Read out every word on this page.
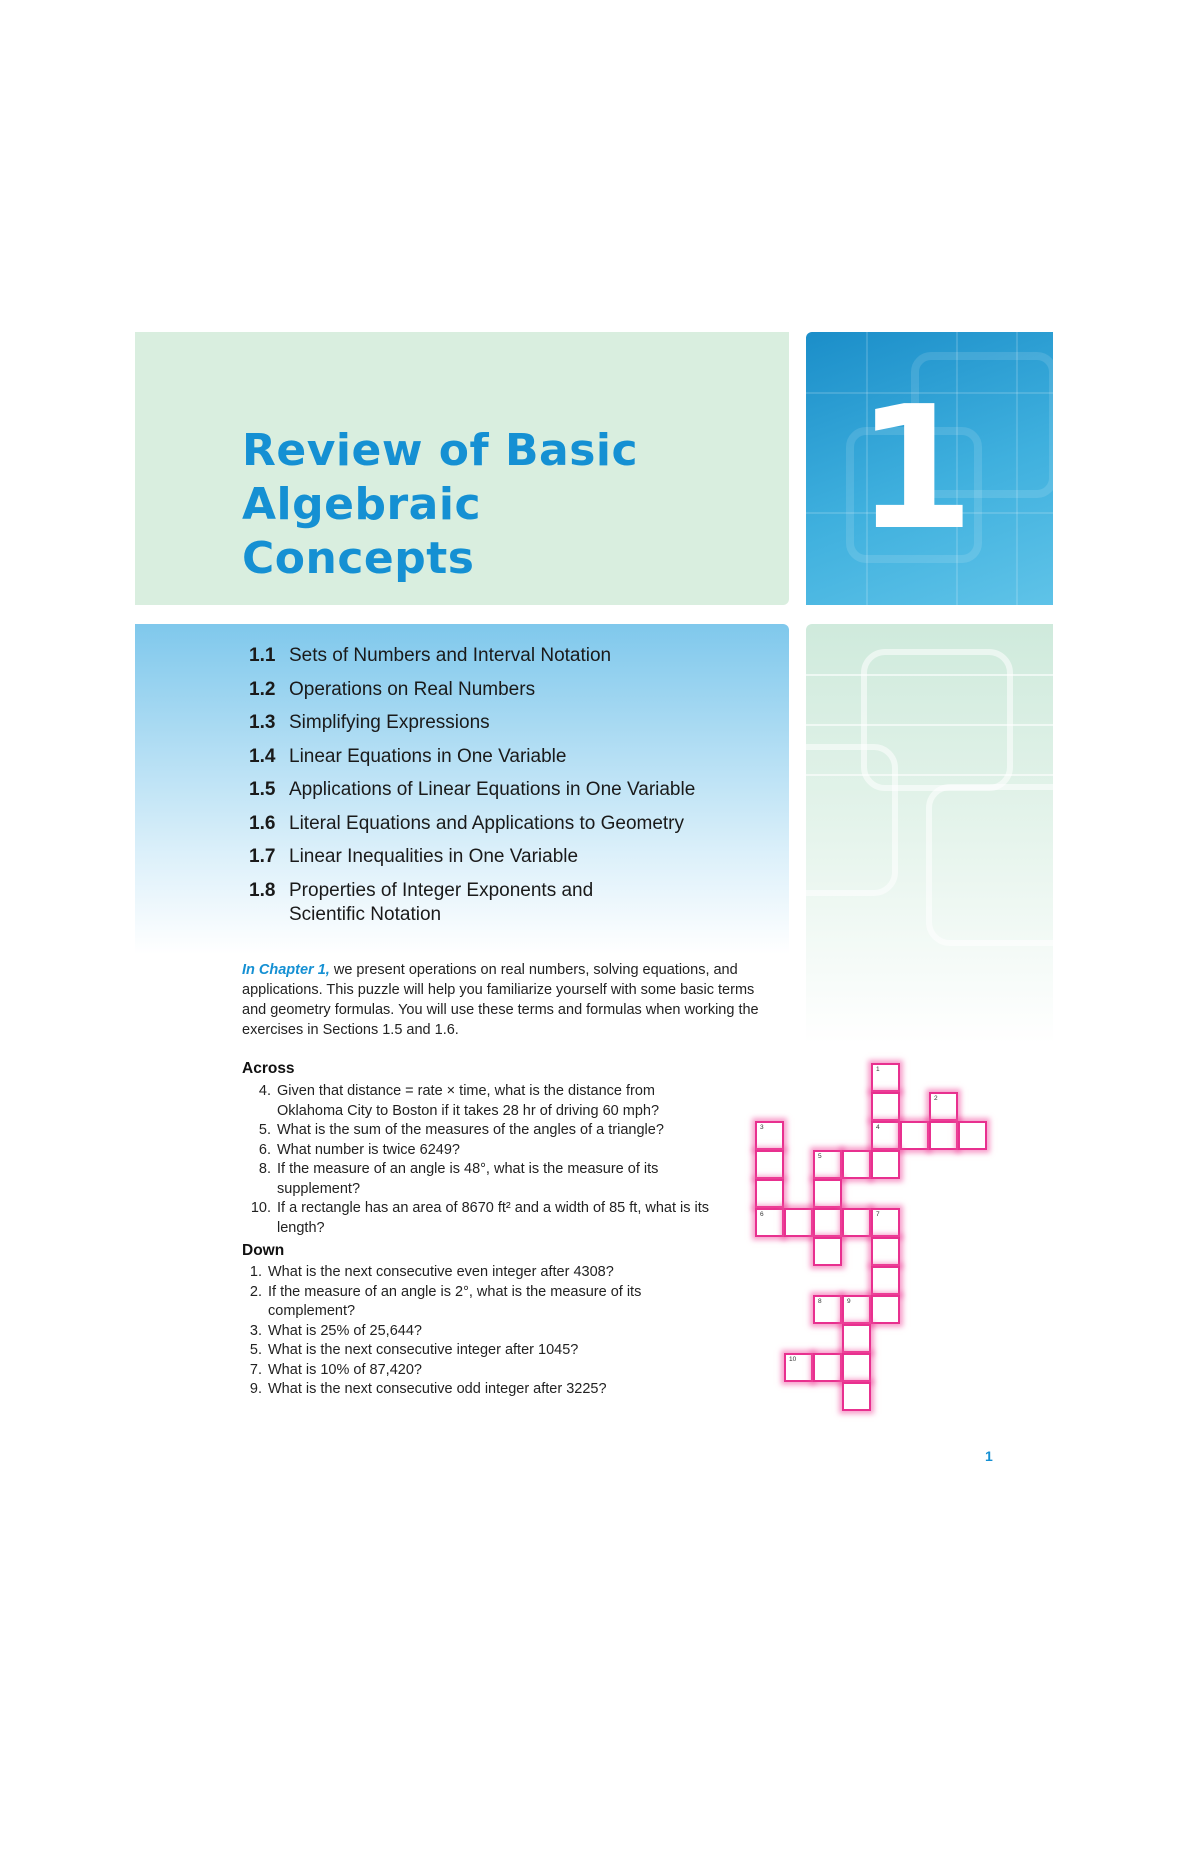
Review of Basic
Algebraic
Concepts	1
1.1 Sets of Numbers and Interval Notation
1.2 Operations on Real Numbers
1.3 Simplifying Expressions
1.4 Linear Equations in One Variable
1.5 Applications of Linear Equations in One Variable
1.6 Literal Equations and Applications to Geometry
1.7 Linear Inequalities in One Variable
1.8 Properties of Integer Exponents and Scientific Notation

In Chapter 1, we present operations on real numbers, solving equations, and applications. This puzzle will help you familiarize yourself with some basic terms and geometry formulas. You will use these terms and formulas when working the exercises in Sections 1.5 and 1.6.

Across
4. Given that distance = rate × time, what is the distance from Oklahoma City to Boston if it takes 28 hr of driving 60 mph?
5. What is the sum of the measures of the angles of a triangle?
6. What number is twice 6249?
8. If the measure of an angle is 48°, what is the measure of its supplement?
10. If a rectangle has an area of 8670 ft² and a width of 85 ft, what is its length?
Down
1. What is the next consecutive even integer after 4308?
2. If the measure of an angle is 2°, what is the measure of its complement?
3. What is 25% of 25,644?
5. What is the next consecutive integer after 1045?
7. What is 10% of 87,420?
9. What is the next consecutive odd integer after 3225?
1
2
3	4
5
6	7
8	9
10
1
